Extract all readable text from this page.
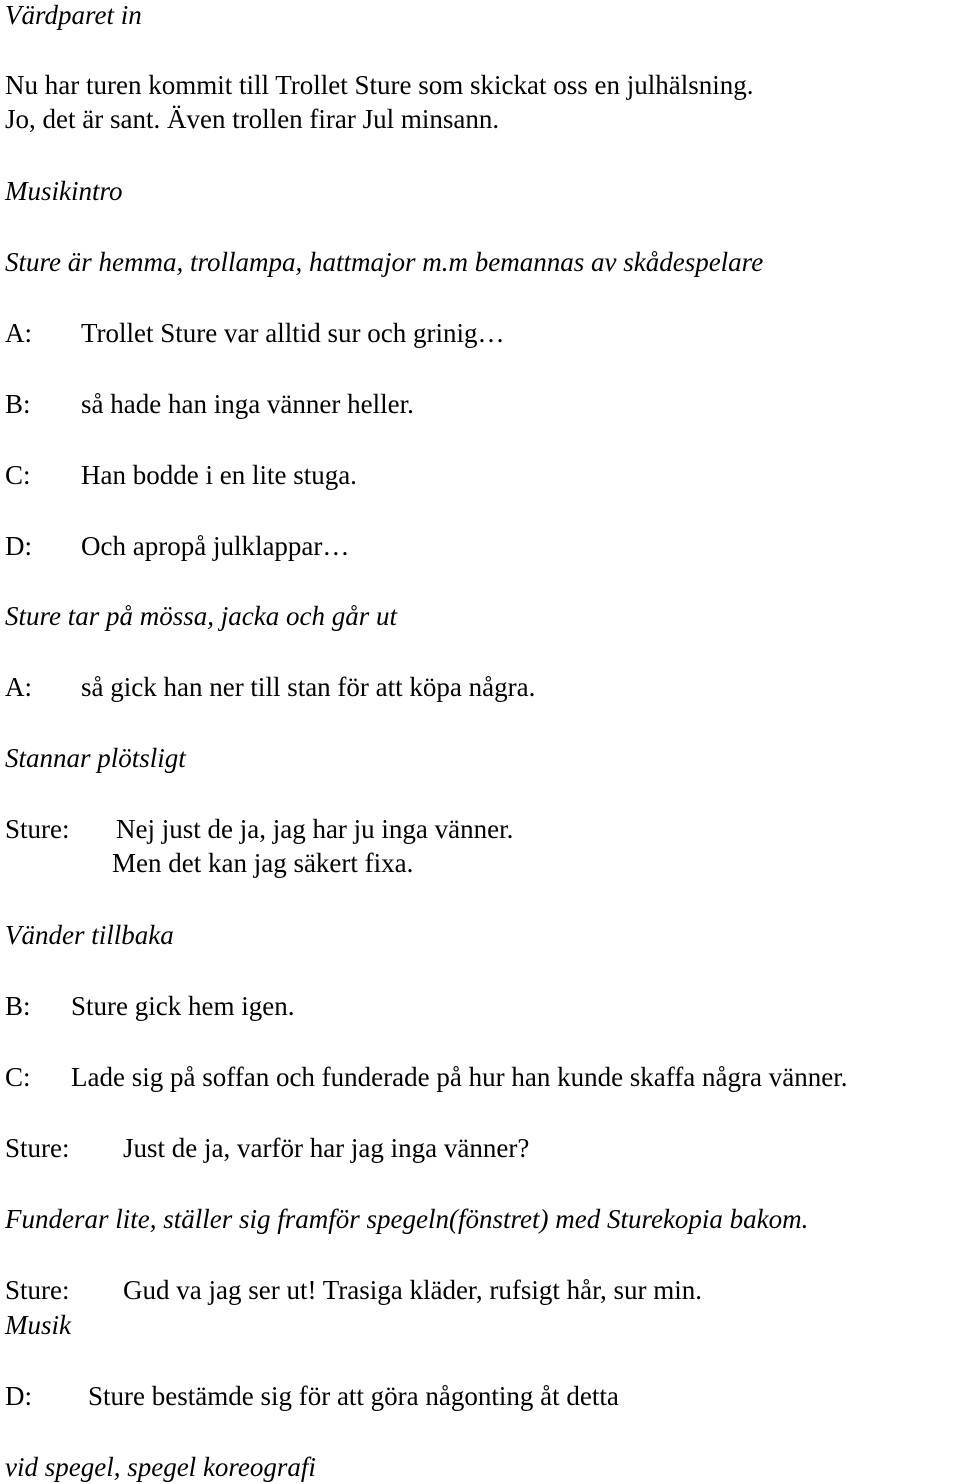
Värdparet in
Nu har turen kommit till Trollet Sture som skickat oss en julhälsning.
Jo, det är sant. Även trollen firar Jul minsann.
Musikintro
Sture är hemma, trollampa, hattmajor m.m bemannas av skådespelare
A: Trollet Sture var alltid sur och grinig…
B: så hade han inga vänner heller.
C: Han bodde i en lite stuga.
D: Och apropå julklappar…
Sture tar på mössa, jacka och går ut
A: så gick han ner till stan för att köpa några.
Stannar plötsligt
Sture: Nej just de ja, jag har ju inga vänner.
Men det kan jag säkert fixa.
Vänder tillbaka
B: Sture gick hem igen.
C: Lade sig på soffan och funderade på hur han kunde skaffa några vänner.
Sture: Just de ja, varför har jag inga vänner?
Funderar lite, ställer sig framför spegeln(fönstret) med Sturekopia bakom.
Sture: Gud va jag ser ut! Trasiga kläder, rufsigt hår, sur min.
Musik
D: Sture bestämde sig för att göra någonting åt detta
vid spegel, spegel koreografi
